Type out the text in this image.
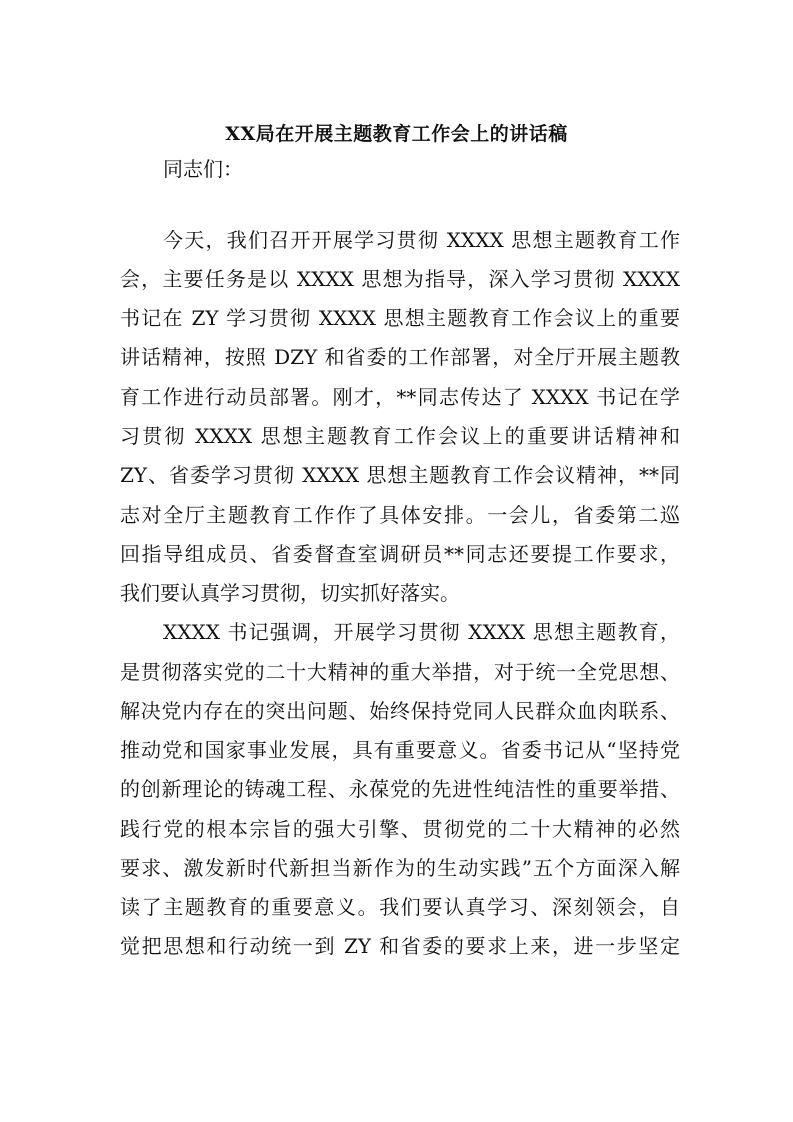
XX局在开展主题教育工作会上的讲话稿
同志们：
今天，我们召开开展学习贯彻 XXXX 思想主题教育工作
会，主要任务是以 XXXX 思想为指导，深入学习贯彻 XXXX
书记在 ZY 学习贯彻 XXXX 思想主题教育工作会议上的重要
讲话精神，按照 DZY 和省委的工作部署，对全厅开展主题教
育工作进行动员部署。刚才，**同志传达了 XXXX 书记在学
习贯彻 XXXX 思想主题教育工作会议上的重要讲话精神和
ZY、省委学习贯彻 XXXX 思想主题教育工作会议精神，**同
志对全厅主题教育工作作了具体安排。一会儿，省委第二巡
回指导组成员、省委督查室调研员**同志还要提工作要求，
我们要认真学习贯彻，切实抓好落实。
XXXX 书记强调，开展学习贯彻 XXXX 思想主题教育，
是贯彻落实党的二十大精神的重大举措，对于统一全党思想、
解决党内存在的突出问题、始终保持党同人民群众血肉联系、
推动党和国家事业发展，具有重要意义。省委书记从“坚持党
的创新理论的铸魂工程、永葆党的先进性纯洁性的重要举措、
践行党的根本宗旨的强大引擎、贯彻党的二十大精神的必然
要求、激发新时代新担当新作为的生动实践”五个方面深入解
读了主题教育的重要意义。我们要认真学习、深刻领会，自
觉把思想和行动统一到 ZY 和省委的要求上来，进一步坚定
